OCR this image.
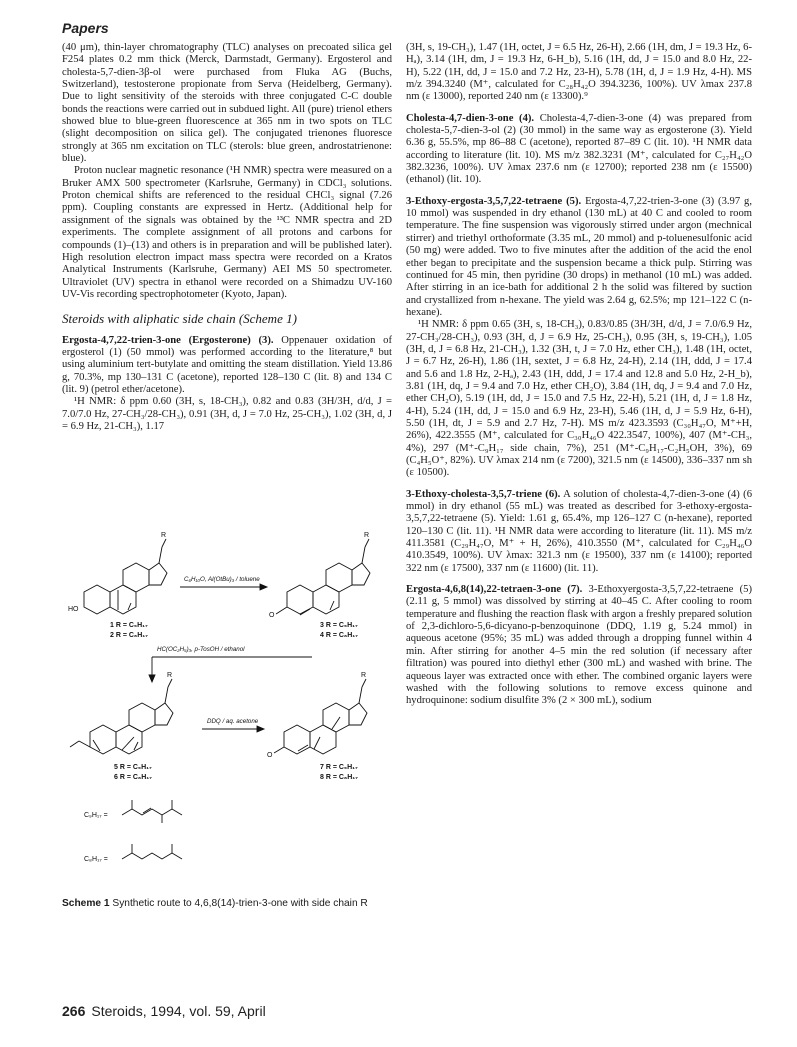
Papers

(40 μm), thin-layer chromatography (TLC) analyses on precoated silica gel F254 plates 0.2 mm thick (Merck, Darmstadt, Germany). Ergosterol and cholesta-5,7-dien-3β-ol were purchased from Fluka AG (Buchs, Switzerland), testosterone propionate from Serva (Heidelberg, Germany). Due to light sensitivity of the steroids with three conjugated C-C double bonds the reactions were carried out in subdued light. All (pure) trienol ethers showed blue to blue-green fluorescence at 365 nm in two spots on TLC (slight decomposition on silica gel). The conjugated trienones fluoresce strongly at 365 nm excitation on TLC (sterols: blue green, androstatrienone: blue).

Proton nuclear magnetic resonance (¹H NMR) spectra were measured on a Bruker AMX 500 spectrometer (Karlsruhe, Germany) in CDCl₃ solutions. Proton chemical shifts are referenced to the residual CHCl₃ signal (7.26 ppm). Coupling constants are expressed in Hertz. (Additional help for assignment of the signals was obtained by the ¹³C NMR spectra and 2D experiments. The complete assignment of all protons and carbons for compounds (1)–(13) and others is in preparation and will be published later). High resolution electron impact mass spectra were recorded on a Kratos Analytical Instruments (Karlsruhe, Germany) AEI MS 50 spectrometer. Ultraviolet (UV) spectra in ethanol were recorded on a Shimadzu UV-160 UV-Vis recording spectrophotometer (Kyoto, Japan).

Steroids with aliphatic side chain (Scheme 1)

Ergosta-4,7,22-trien-3-one (Ergosterone) (3). Oppenauer oxidation of ergosterol (1) (50 mmol) was performed according to the literature,⁸ but using aluminium tert-butylate and omitting the steam distillation. Yield 13.86 g, 70.3%, mp 130–131 C (acetone), reported 128–130 C (lit. 8) and 134 C (lit. 9) (petrol ether/acetone).

¹H NMR: δ ppm 0.60 (3H, s, 18-CH₃), 0.82 and 0.83 (3H/3H, d/d, J = 7.0/7.0 Hz, 27-CH₃/28-CH₃), 0.91 (3H, d, J = 7.0 Hz, 25-CH₃), 1.02 (3H, d, J = 6.9 Hz, 21-CH₃), 1.17

R	R
R	R
HO
O
O
C₆H₁₀O, Al(OtBu)₃ / toluene
HC(OC₂H₅)₃, p-TosOH / ethanol
DDQ / aq. acetone
1 R = C₉H₁₇
2 R = C₈H₁₇
3 R = C₉H₁₇
4 R = C₈H₁₇
5 R = C₉H₁₇
6 R = C₈H₁₇
7 R = C₉H₁₇
8 R = C₈H₁₇
C₉H₁₇ =
C₈H₁₇ =
Scheme 1 Synthetic route to 4,6,8(14)-trien-3-one with side chain R

(3H, s, 19-CH₃), 1.47 (1H, octet, J = 6.5 Hz, 26-H), 2.66 (1H, dm, J = 19.3 Hz, 6-Hₐ), 3.14 (1H, dm, J = 19.3 Hz, 6-H_b), 5.16 (1H, dd, J = 15.0 and 8.0 Hz, 22-H), 5.22 (1H, dd, J = 15.0 and 7.2 Hz, 23-H), 5.78 (1H, d, J = 1.9 Hz, 4-H). MS m/z 394.3240 (M⁺, calculated for C₂₈H₄₂O 394.3236, 100%). UV λmax 237.8 nm (ε 13000), reported 240 nm (ε 13300).⁹

Cholesta-4,7-dien-3-one (4). Cholesta-4,7-dien-3-one (4) was prepared from cholesta-5,7-dien-3-ol (2) (30 mmol) in the same way as ergosterone (3). Yield 6.36 g, 55.5%, mp 86–88 C (acetone), reported 87–89 C (lit. 10). ¹H NMR data according to literature (lit. 10). MS m/z 382.3231 (M⁺, calculated for C₂₇H₄₂O 382.3236, 100%). UV λmax 237.6 nm (ε 12700); reported 238 nm (ε 15500) (ethanol) (lit. 10).

3-Ethoxy-ergosta-3,5,7,22-tetraene (5). Ergosta-4,7,22-trien-3-one (3) (3.97 g, 10 mmol) was suspended in dry ethanol (130 mL) at 40 C and cooled to room temperature. The fine suspension was vigorously stirred under argon (mechnical stirrer) and triethyl orthoformate (3.35 mL, 20 mmol) and p-toluenesulfonic acid (50 mg) were added. Two to five minutes after the addition of the acid the enol ether began to precipitate and the suspension became a thick pulp. Stirring was continued for 45 min, then pyridine (30 drops) in methanol (10 mL) was added. After stirring in an ice-bath for additional 2 h the solid was filtered by suction and crystallized from n-hexane. The yield was 2.64 g, 62.5%; mp 121–122 C (n-hexane).

¹H NMR: δ ppm 0.65 (3H, s, 18-CH₃), 0.83/0.85 (3H/3H, d/d, J = 7.0/6.9 Hz, 27-CH₃/28-CH₃), 0.93 (3H, d, J = 6.9 Hz, 25-CH₃), 0.95 (3H, s, 19-CH₃), 1.05 (3H, d, J = 6.8 Hz, 21-CH₃), 1.32 (3H, t, J = 7.0 Hz, ether CH₃), 1.48 (1H, octet, J = 6.7 Hz, 26-H), 1.86 (1H, sextet, J = 6.8 Hz, 24-H), 2.14 (1H, ddd, J = 17.4 and 5.6 and 1.8 Hz, 2-Hₐ), 2.43 (1H, ddd, J = 17.4 and 12.8 and 5.0 Hz, 2-H_b), 3.81 (1H, dq, J = 9.4 and 7.0 Hz, ether CH₂O), 3.84 (1H, dq, J = 9.4 and 7.0 Hz, ether CH₂O), 5.19 (1H, dd, J = 15.0 and 7.5 Hz, 22-H), 5.21 (1H, d, J = 1.8 Hz, 4-H), 5.24 (1H, dd, J = 15.0 and 6.9 Hz, 23-H), 5.46 (1H, d, J = 5.9 Hz, 6-H), 5.50 (1H, dt, J = 5.9 and 2.7 Hz, 7-H). MS m/z 423.3593 (C₃₀H₄₇O, M⁺+H, 26%), 422.3555 (M⁺, calculated for C₃₀H₄₆O 422.3547, 100%), 407 (M⁺-CH₃, 4%), 297 (M⁺-C₉H₁₇ side chain, 7%), 251 (M⁺-C₉H₁₇-C₂H₅OH, 3%), 69 (C₄H₅O⁺, 82%). UV λmax 214 nm (ε 7200), 321.5 nm (ε 14500), 336–337 nm sh (ε 10500).

3-Ethoxy-cholesta-3,5,7-triene (6). A solution of cholesta-4,7-dien-3-one (4) (6 mmol) in dry ethanol (55 mL) was treated as described for 3-ethoxy-ergosta-3,5,7,22-tetraene (5). Yield: 1.61 g, 65.4%, mp 126–127 C (n-hexane), reported 120–130 C (lit. 11). ¹H NMR data were according to literature (lit. 11). MS m/z 411.3581 (C₂₉H₄₇O, M⁺ + H, 26%), 410.3550 (M⁺, calculated for C₂₉H₄₆O 410.3549, 100%). UV λmax: 321.3 nm (ε 19500), 337 nm (ε 14100); reported 322 nm (ε 17500), 337 nm (ε 11600) (lit. 11).

Ergosta-4,6,8(14),22-tetraen-3-one (7). 3-Ethoxyergosta-3,5,7,22-tetraene (5) (2.11 g, 5 mmol) was dissolved by stirring at 40–45 C. After cooling to room temperature and flushing the reaction flask with argon a freshly prepared solution of 2,3-dichloro-5,6-dicyano-p-benzoquinone (DDQ, 1.19 g, 5.24 mmol) in aqueous acetone (95%; 35 mL) was added through a dropping funnel within 4 min. After stirring for another 4–5 min the red solution (if necessary after filtration) was poured into diethyl ether (300 mL) and washed with brine. The aqueous layer was extracted once with ether. The combined organic layers were washed with the following solutions to remove excess quinone and hydroquinone: sodium disulfite 3% (2 × 300 mL), sodium

266 Steroids, 1994, vol. 59, April
